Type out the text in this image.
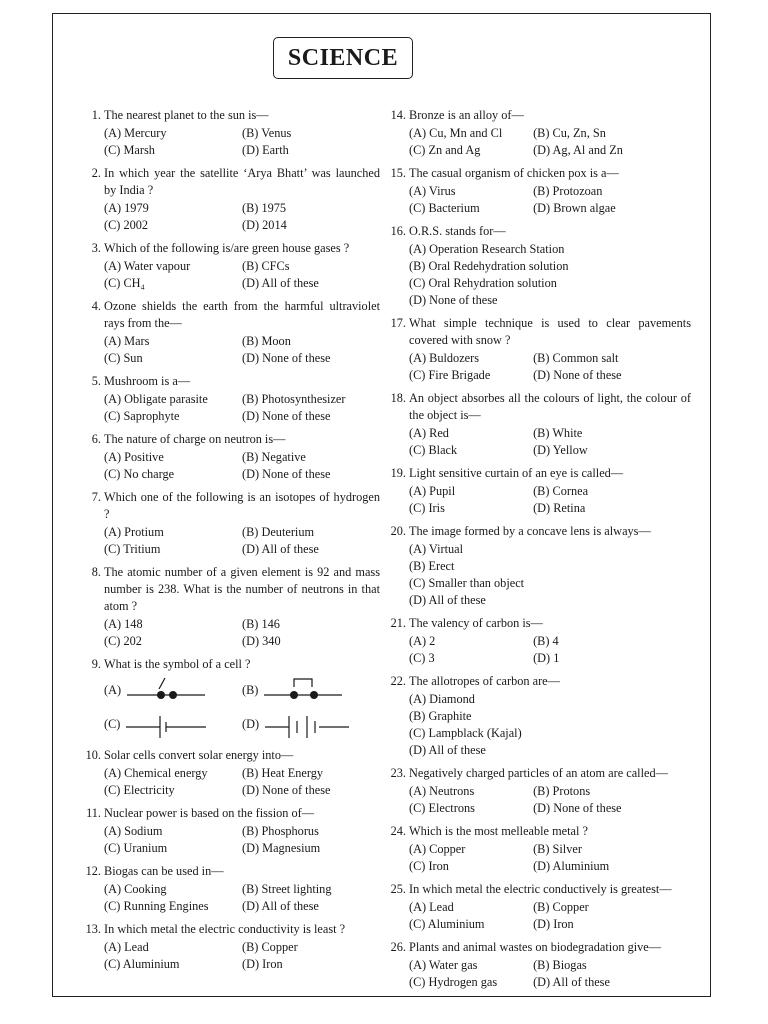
SCIENCE
1. The nearest planet to the sun is—
(A) Mercury	(B) Venus
(C) Marsh	(D) Earth
2. In which year the satellite ‘Arya Bhatt’ was launched by India ?
(A) 1979	(B) 1975
(C) 2002	(D) 2014
3. Which of the following is/are green house gases ?
(A) Water vapour	(B) CFCs
(C) CH₄	(D) All of these
4. Ozone shields the earth from the harmful ultraviolet rays from the—
(A) Mars	(B) Moon
(C) Sun	(D) None of these
5. Mushroom is a—
(A) Obligate parasite	(B) Photosynthesizer
(C) Saprophyte	(D) None of these
6. The nature of charge on neutron is—
(A) Positive	(B) Negative
(C) No charge	(D) None of these
7. Which one of the following is an isotopes of hydrogen ?
(A) Protium	(B) Deuterium
(C) Tritium	(D) All of these
8. The atomic number of a given element is 92 and mass number is 238. What is the number of neutrons in that atom ?
(A) 148	(B) 146
(C) 202	(D) 340
9. What is the symbol of a cell ?
(A)	(B)
(C)	(D)
10. Solar cells convert solar energy into—
(A) Chemical energy	(B) Heat Energy
(C) Electricity	(D) None of these
11. Nuclear power is based on the fission of—
(A) Sodium	(B) Phosphorus
(C) Uranium	(D) Magnesium
12. Biogas can be used in—
(A) Cooking	(B) Street lighting
(C) Running Engines	(D) All of these
13. In which metal the electric conductivity is least ?
(A) Lead	(B) Copper
(C) Aluminium	(D) Iron
14. Bronze is an alloy of—
(A) Cu, Mn and Cl	(B) Cu, Zn, Sn
(C) Zn and Ag	(D) Ag, Al and Zn
15. The casual organism of chicken pox is a—
(A) Virus	(B) Protozoan
(C) Bacterium	(D) Brown algae
16. O.R.S. stands for—
(A) Operation Research Station
(B) Oral Redehydration solution
(C) Oral Rehydration solution
(D) None of these
17. What simple technique is used to clear pavements covered with snow ?
(A) Buldozers	(B) Common salt
(C) Fire Brigade	(D) None of these
18. An object absorbes all the colours of light, the colour of the object is—
(A) Red	(B) White
(C) Black	(D) Yellow
19. Light sensitive curtain of an eye is called—
(A) Pupil	(B) Cornea
(C) Iris	(D) Retina
20. The image formed by a concave lens is always—
(A) Virtual
(B) Erect
(C) Smaller than object
(D) All of these
21. The valency of carbon is—
(A) 2	(B) 4
(C) 3	(D) 1
22. The allotropes of carbon are—
(A) Diamond
(B) Graphite
(C) Lampblack (Kajal)
(D) All of these
23. Negatively charged particles of an atom are called—
(A) Neutrons	(B) Protons
(C) Electrons	(D) None of these
24. Which is the most melleable metal ?
(A) Copper	(B) Silver
(C) Iron	(D) Aluminium
25. In which metal the electric conductively is greatest—
(A) Lead	(B) Copper
(C) Aluminium	(D) Iron
26. Plants and animal wastes on biodegradation give—
(A) Water gas	(B) Biogas
(C) Hydrogen gas	(D) All of these
